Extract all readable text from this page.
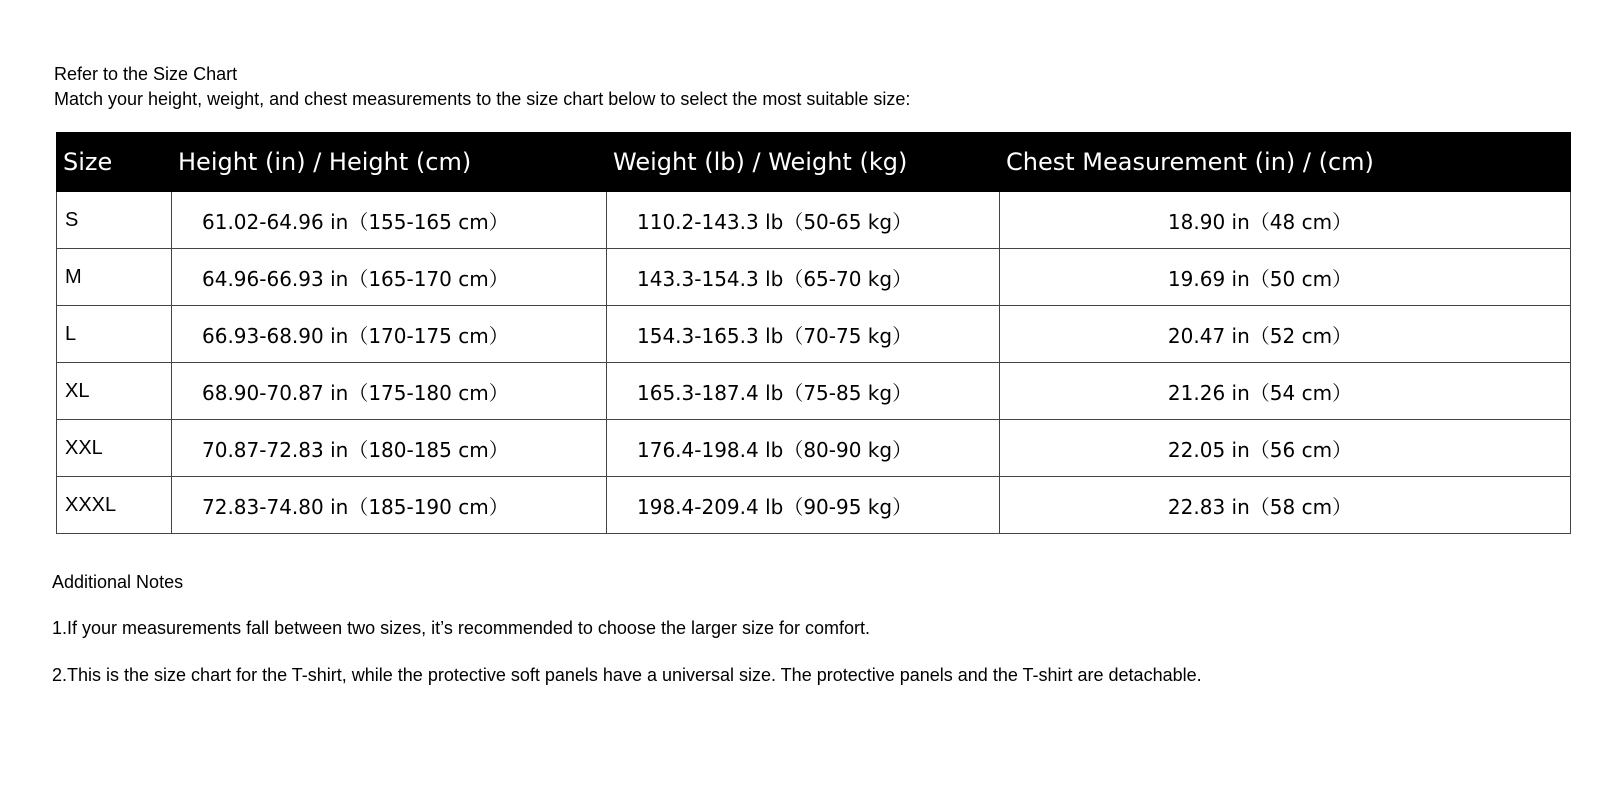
Refer to the Size Chart
Match your height, weight, and chest measurements to the size chart below to select the most suitable size:
Size	Height (in) / Height (cm)	Weight (lb) / Weight (kg)	Chest Measurement (in) / (cm)
S	61.02-64.96 in（155-165 cm）	110.2-143.3 lb（50-65 kg）	18.90 in（48 cm）
M	64.96-66.93 in（165-170 cm）	143.3-154.3 lb（65-70 kg）	19.69 in（50 cm）
L	66.93-68.90 in（170-175 cm）	154.3-165.3 lb（70-75 kg）	20.47 in（52 cm）
XL	68.90-70.87 in（175-180 cm）	165.3-187.4 lb（75-85 kg）	21.26 in（54 cm）
XXL	70.87-72.83 in（180-185 cm）	176.4-198.4 lb（80-90 kg）	22.05 in（56 cm）
XXXL	72.83-74.80 in（185-190 cm）	198.4-209.4 lb（90-95 kg）	22.83 in（58 cm）
Additional Notes
1.If your measurements fall between two sizes, it’s recommended to choose the larger size for comfort.
2.This is the size chart for the T-shirt, while the protective soft panels have a universal size. The protective panels and the T-shirt are detachable.
